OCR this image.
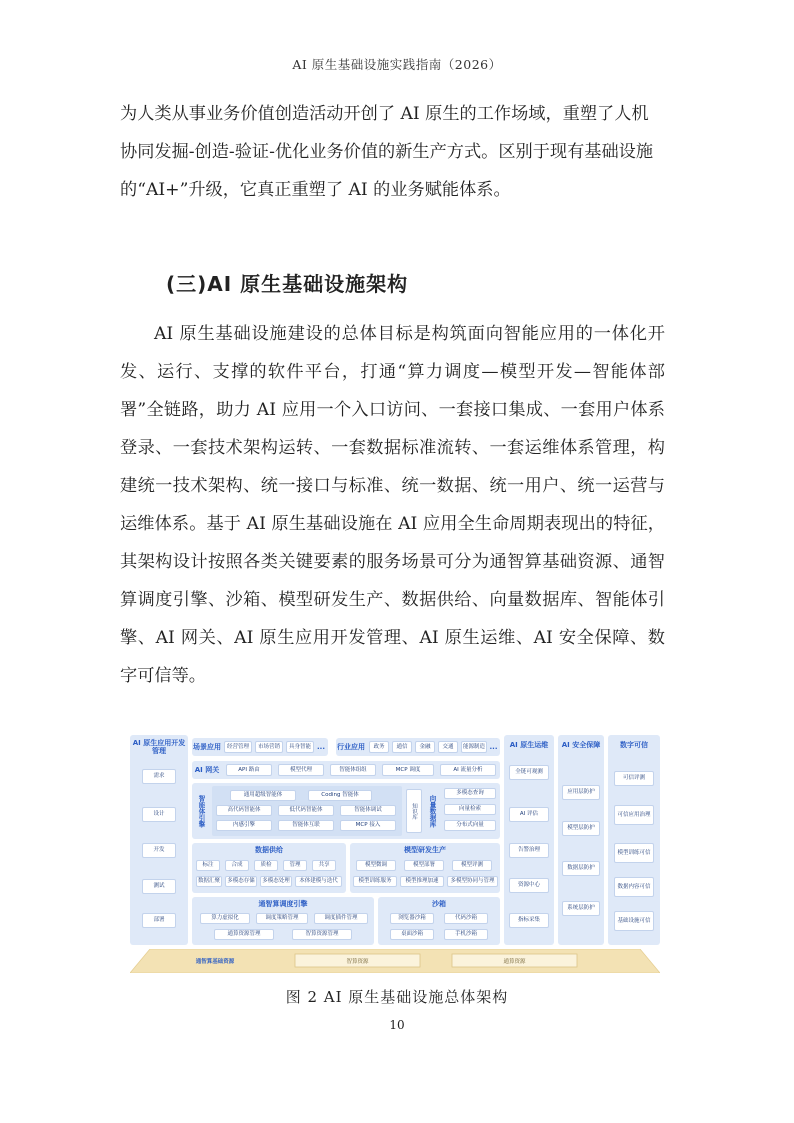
AI 原生基础设施实践指南（2026）
为人类从事业务价值创造活动开创了 AI 原生的工作场域，重塑了人机协同发掘-创造-验证-优化业务价值的新生产方式。区别于现有基础设施的“AI+”升级，它真正重塑了 AI 的业务赋能体系。
(三)AI 原生基础设施架构
AI 原生基础设施建设的总体目标是构筑面向智能应用的一体化开发、运行、支撑的软件平台，打通“算力调度—模型开发—智能体部署”全链路，助力 AI 应用一个入口访问、一套接口集成、一套用户体系登录、一套技术架构运转、一套数据标准流转、一套运维体系管理，构建统一技术架构、统一接口与标准、统一数据、统一用户、统一运营与运维体系。基于 AI 原生基础设施在 AI 应用全生命周期表现出的特征，其架构设计按照各类关键要素的服务场景可分为通智算基础资源、通智算调度引擎、沙箱、模型研发生产、数据供给、向量数据库、智能体引擎、AI 网关、AI 原生应用开发管理、AI 原生运维、AI 安全保障、数字可信等。
AI 原生应用开发管理
需求
设计
开发
测试
部署
场景应用	经营管理	市场营销	具身智能 ... 行业应用	政务	通信	金融	交通	能源制造 ...
AI 网关	API 路由	模型代理	智能体组组	MCP 调度	AI 流量分析
智能体引擎	通用超级智能体	Coding 智能体
高代码智能体	低代码智能体	智能体调试
内感引擎	智能体互联	MCP 接入
知识库	向量数据库
多模态查询
向量检索
分布式向量
数据供给
标注	合成	质检	管理	共享
数据汇聚	多模态存储	多模态处理	本体建模与迭代
模型研发生产
模型微调	模型部署	模型评测
模型训练服务	模型推理加速	多模型协同与管理
通智算调度引擎
算力虚拟化	调度策略管理	调度插件管理
通算资源管理	智算资源管理
沙箱
浏览器沙箱	代码沙箱
桌面沙箱	手机沙箱
AI 原生运维
全链可观测
AI 评估
告警治理
资源中心
指标采集
AI 安全保障
应用层防护
模型层防护
数据层防护
系统层防护
数字可信
可信评测
可信应用治理
模型训练可信
数据内容可信
基础设施可信
通智算基础资源	智算资源	通算资源
图 2 AI 原生基础设施总体架构
10
